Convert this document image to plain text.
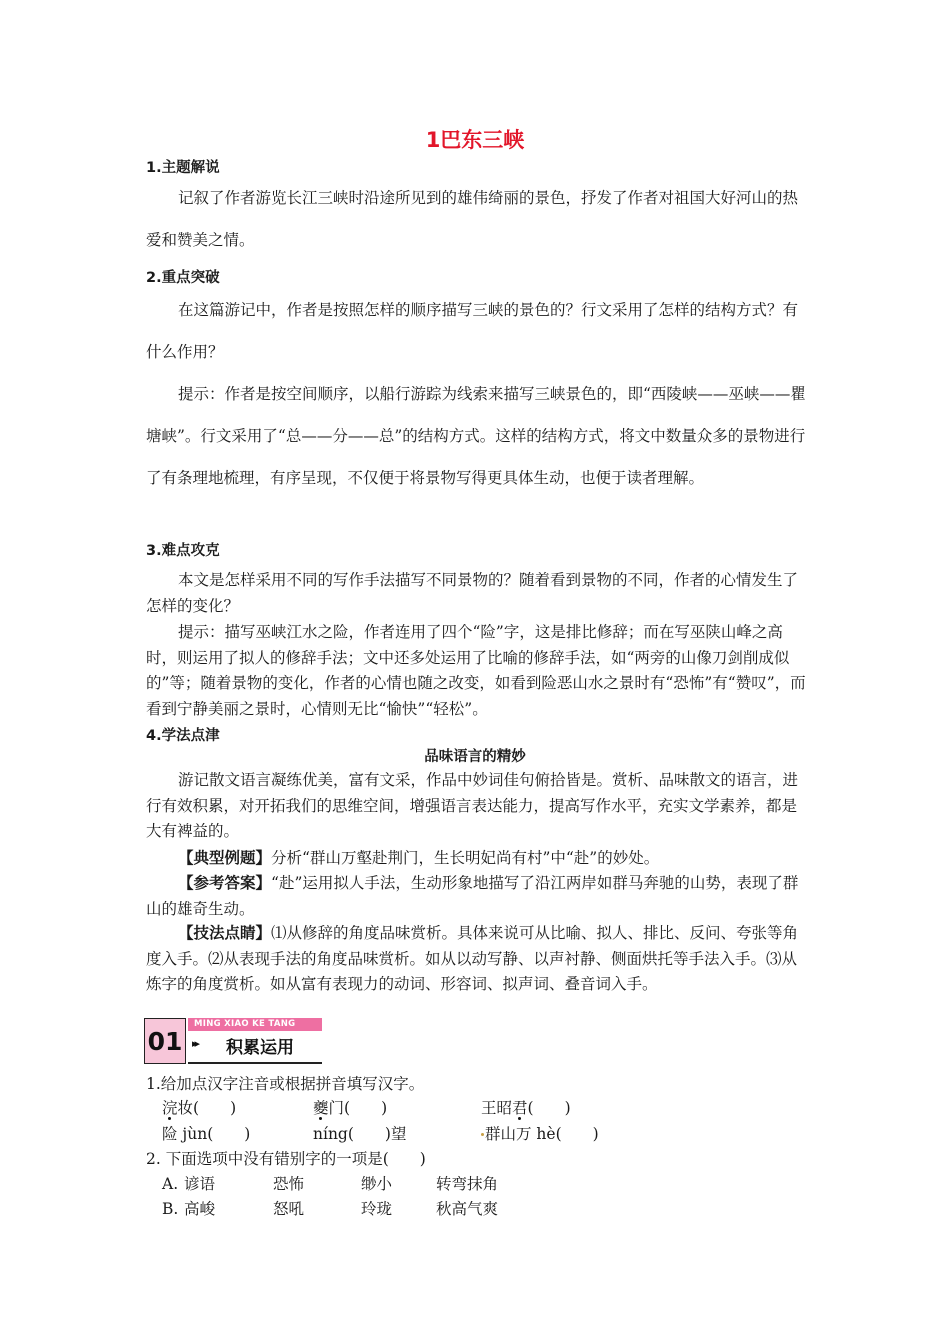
1巴东三峡
1.主题解说

记叙了作者游览长江三峡时沿途所见到的雄伟绮丽的景色，抒发了作者对祖国大好河山的热爱和赞美之情。

2.重点突破

在这篇游记中，作者是按照怎样的顺序描写三峡的景色的？行文采用了怎样的结构方式？有什么作用？

提示：作者是按空间顺序，以船行游踪为线索来描写三峡景色的，即“西陵峡——巫峡——瞿塘峡”。行文采用了“总——分——总”的结构方式。这样的结构方式，将文中数量众多的景物进行了有条理地梳理，有序呈现，不仅便于将景物写得更具体生动，也便于读者理解。

3.难点攻克

本文是怎样采用不同的写作手法描写不同景物的？随着看到景物的不同，作者的心情发生了怎样的变化？

提示：描写巫峡江水之险，作者连用了四个“险”字，这是排比修辞；而在写巫陕山峰之高时，则运用了拟人的修辞手法；文中还多处运用了比喻的修辞手法，如“两旁的山像刀剑削成似的”等；随着景物的变化，作者的心情也随之改变，如看到险恶山水之景时有“恐怖”有“赞叹”，而看到宁静美丽之景时，心情则无比“愉快”“轻松”。

4.学法点津
品味语言的精妙

游记散文语言凝练优美，富有文采，作品中妙词佳句俯拾皆是。赏析、品味散文的语言，进行有效积累，对开拓我们的思维空间，增强语言表达能力，提高写作水平，充实文学素养，都是大有裨益的。

【典型例题】分析“群山万壑赴荆门，生长明妃尚有村”中“赴”的妙处。

【参考答案】“赴”运用拟人手法，生动形象地描写了沿江两岸如群马奔驰的山势，表现了群山的雄奇生动。

【技法点睛】⑴从修辞的角度品味赏析。具体来说可从比喻、拟人、排比、反问、夸张等角度入手。⑵从表现手法的角度品味赏析。如从以动写静、以声衬静、侧面烘托等手法入手。⑶从炼字的角度赏析。如从富有表现力的动词、形容词、拟声词、叠音词入手。

01
MING XIAO KE TANG
▸▸ 积累运用
1.给加点汉字注音或根据拼音填写汉字。
浣妆(　　)	夔门(　　)	王昭君(　　)
险 jùn(　　)	níng(　　)望	群山万 hè(　　)
2. 下面选项中没有错别字的一项是(　　)
A. 谚语	恐怖	缈小	转弯抹角
B. 高峻	怒吼	玲珑	秋高气爽
